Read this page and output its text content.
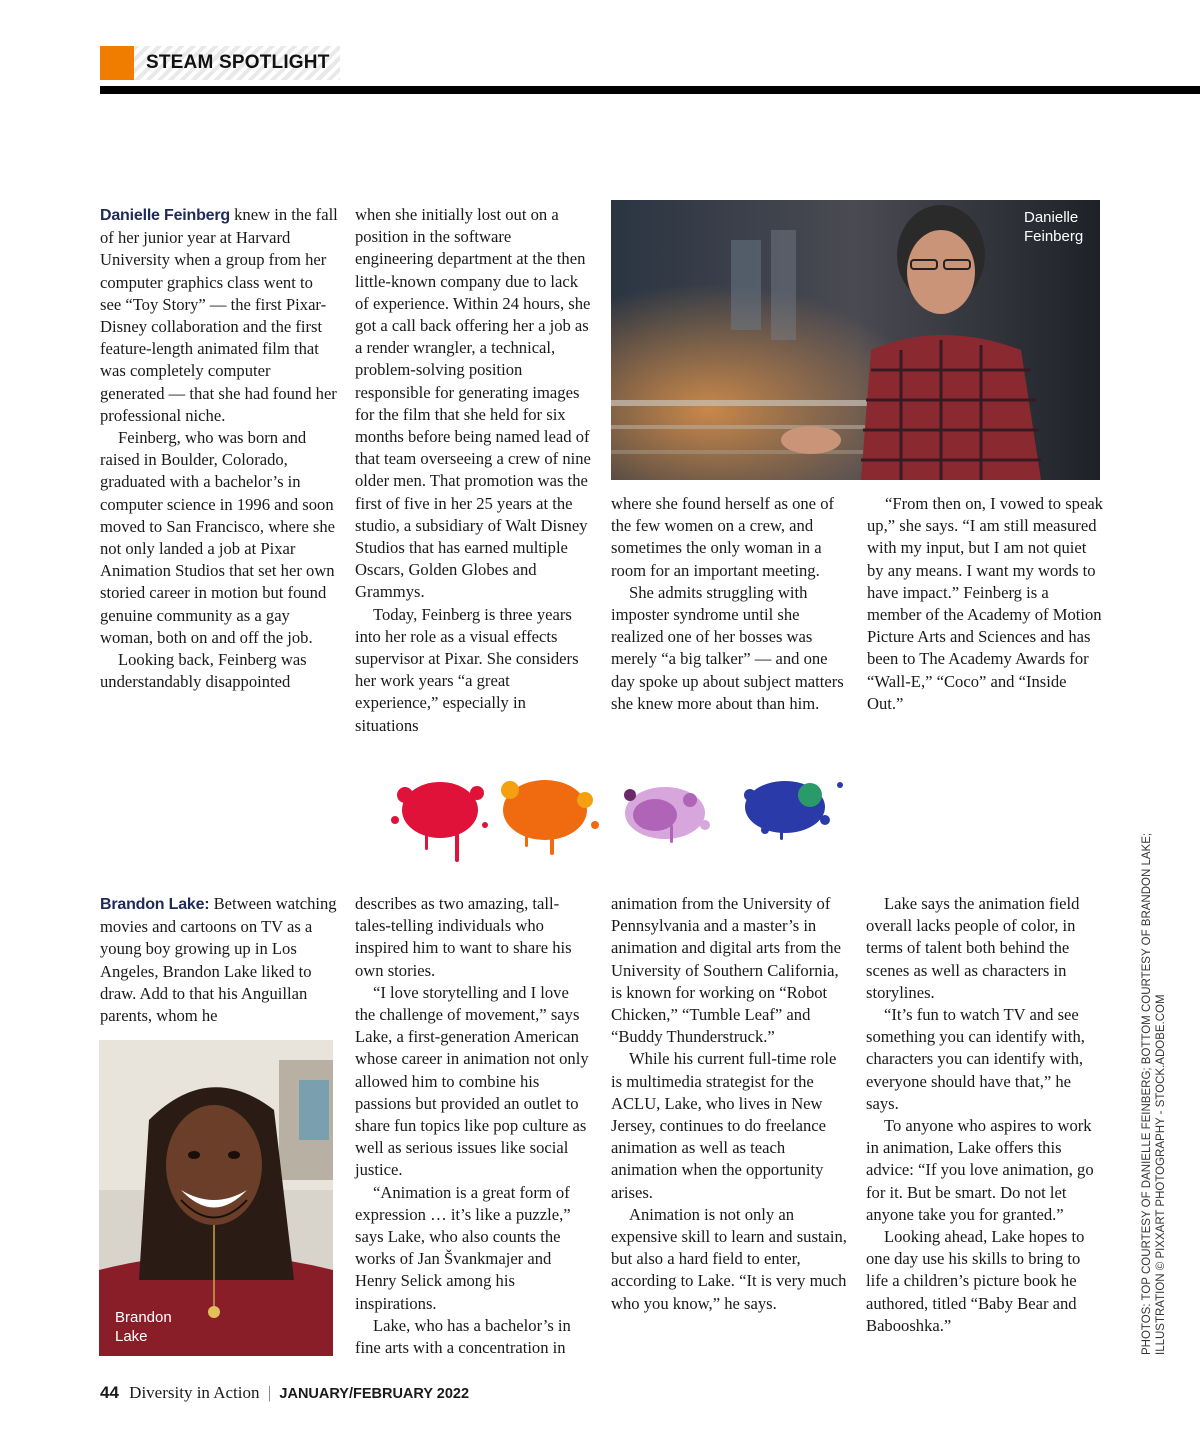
STEAM SPOTLIGHT

Danielle Feinberg knew in the fall of her junior year at Harvard University when a group from her computer graphics class went to see “Toy Story” — the first Pixar-Disney collaboration and the first feature-length animated film that was completely computer generated — that she had found her professional niche.

Feinberg, who was born and raised in Boulder, Colorado, graduated with a bachelor’s in computer science in 1996 and soon moved to San Francisco, where she not only landed a job at Pixar Animation Studios that set her own storied career in motion but found genuine community as a gay woman, both on and off the job.

Looking back, Feinberg was understandably disappointed

when she initially lost out on a position in the software engineering department at the then little-known company due to lack of experience. Within 24 hours, she got a call back offering her a job as a render wrangler, a technical, problem-solving position responsible for generating images for the film that she held for six months before being named lead of that team overseeing a crew of nine older men. That promotion was the first of five in her 25 years at the studio, a subsidiary of Walt Disney Studios that has earned multiple Oscars, Golden Globes and Grammys.

Today, Feinberg is three years into her role as a visual effects supervisor at Pixar. She considers her work years “a great experience,” especially in situations

Danielle
Feinberg

where she found herself as one of the few women on a crew, and sometimes the only woman in a room for an important meeting.

She admits struggling with imposter syndrome until she realized one of her bosses was merely “a big talker” — and one day spoke up about subject matters she knew more about than him.

“From then on, I vowed to speak up,” she says. “I am still measured with my input, but I am not quiet by any means. I want my words to have impact.” Feinberg is a member of the Academy of Motion Picture Arts and Sciences and has been to The Academy Awards for “Wall-E,” “Coco” and “Inside Out.”

Brandon Lake: Between watching movies and cartoons on TV as a young boy growing up in Los Angeles, Brandon Lake liked to draw. Add to that his Anguillan parents, whom he

Brandon
Lake

describes as two amazing, tall-tales-telling individuals who inspired him to want to share his own stories.

“I love storytelling and I love the challenge of movement,” says Lake, a first-generation American whose career in animation not only allowed him to combine his passions but provided an outlet to share fun topics like pop culture as well as serious issues like social justice.

“Animation is a great form of expression … it’s like a puzzle,” says Lake, who also counts the works of Jan Švankmajer and Henry Selick among his inspirations.

Lake, who has a bachelor’s in fine arts with a concentration in

animation from the University of Pennsylvania and a master’s in animation and digital arts from the University of Southern California, is known for working on “Robot Chicken,” “Tumble Leaf” and “Buddy Thunderstruck.”

While his current full-time role is multimedia strategist for the ACLU, Lake, who lives in New Jersey, continues to do freelance animation as well as teach animation when the opportunity arises.

Animation is not only an expensive skill to learn and sustain, but also a hard field to enter, according to Lake. “It is very much who you know,” he says.

Lake says the animation field overall lacks people of color, in terms of talent both behind the scenes as well as characters in storylines.

“It’s fun to watch TV and see something you can identify with, characters you can identify with, everyone should have that,” he says.

To anyone who aspires to work in animation, Lake offers this advice: “If you love animation, go for it. But be smart. Do not let anyone take you for granted.”

Looking ahead, Lake hopes to one day use his skills to bring to life a children’s picture book he authored, titled “Baby Bear and Babooshka.”	PHOTOS: TOP COURTESY OF DANIELLE FEINBERG; BOTTOM COURTESY OF BRANDON LAKE; ILLUSTRATION © PIXXART PHOTOGRAPHY - STOCK.ADOBE.COM
44 Diversity in Action | JANUARY/FEBRUARY 2022
